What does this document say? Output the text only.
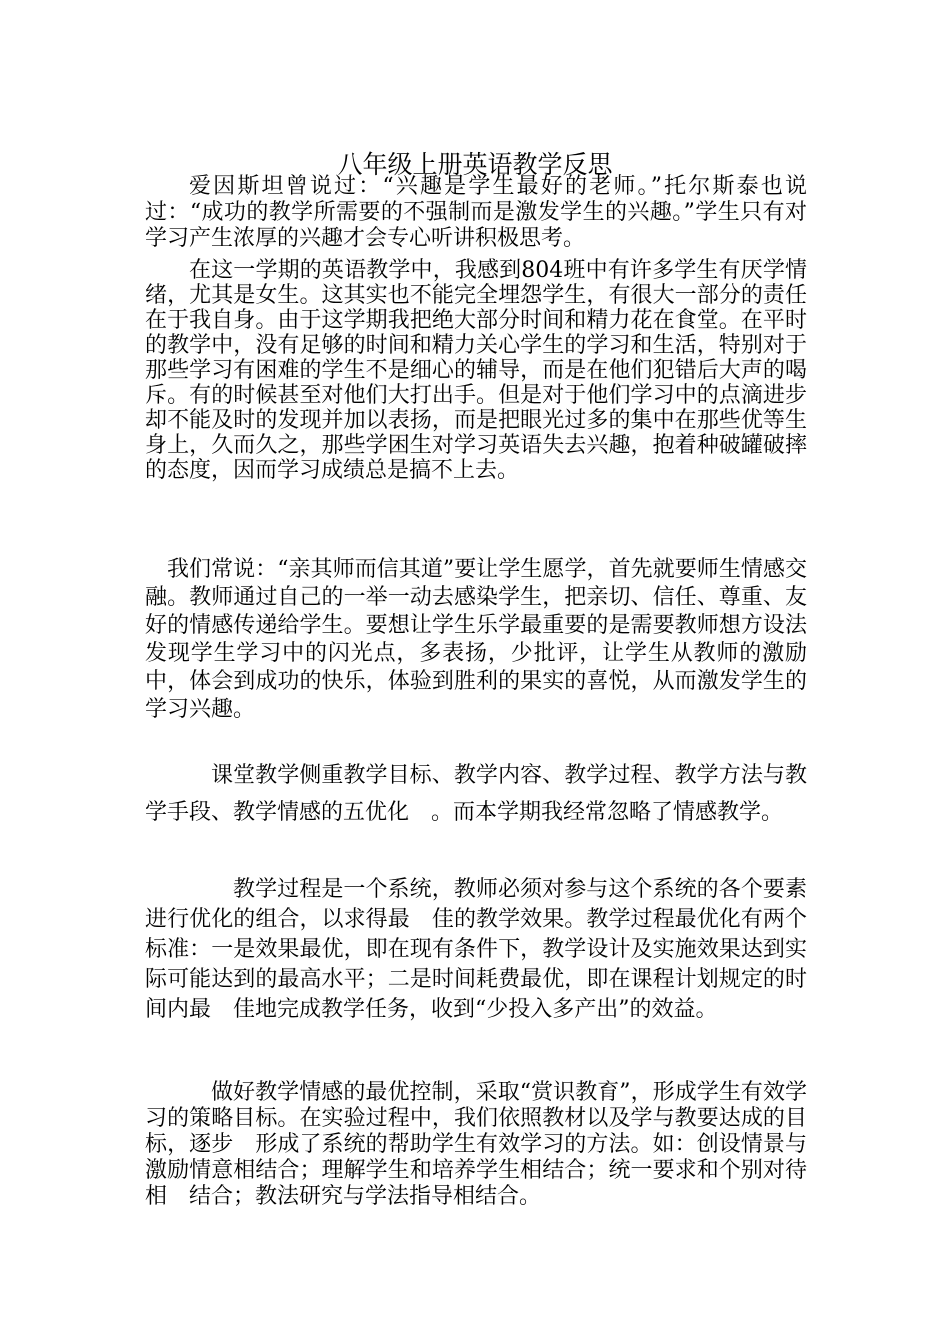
八年级上册英语教学反思

爱因斯坦曾说过：“兴趣是学生最好的老师。”托尔斯泰也说过：“成功的教学所需要的不强制而是激发学生的兴趣。”学生只有对学习产生浓厚的兴趣才会专心听讲积极思考。

在这一学期的英语教学中，我感到804班中有许多学生有厌学情绪，尤其是女生。这其实也不能完全埋怨学生，有很大一部分的责任在于我自身。由于这学期我把绝大部分时间和精力花在食堂。在平时的教学中，没有足够的时间和精力关心学生的学习和生活，特别对于那些学习有困难的学生不是细心的辅导，而是在他们犯错后大声的喝斥。有的时候甚至对他们大打出手。但是对于他们学习中的点滴进步却不能及时的发现并加以表扬，而是把眼光过多的集中在那些优等生身上，久而久之，那些学困生对学习英语失去兴趣，抱着种破罐破摔的态度，因而学习成绩总是搞不上去。

我们常说：“亲其师而信其道”要让学生愿学，首先就要师生情感交融。教师通过自己的一举一动去感染学生，把亲切、信任、尊重、友好的情感传递给学生。要想让学生乐学最重要的是需要教师想方设法发现学生学习中的闪光点，多表扬，少批评，让学生从教师的激励中，体会到成功的快乐，体验到胜利的果实的喜悦，从而激发学生的学习兴趣。

课堂教学侧重教学目标、教学内容、教学过程、教学方法与教学手段、教学情感的五优化　。而本学期我经常忽略了情感教学。

教学过程是一个系统，教师必须对参与这个系统的各个要素进行优化的组合，以求得最　佳的教学效果。教学过程最优化有两个标准：一是效果最优，即在现有条件下，教学设计及实施效果达到实际可能达到的最高水平；二是时间耗费最优，即在课程计划规定的时间内最　佳地完成教学任务，收到“少投入多产出”的效益。

做好教学情感的最优控制，采取“赏识教育”，形成学生有效学习的策略目标。在实验过程中，我们依照教材以及学与教要达成的目标，逐步　形成了系统的帮助学生有效学习的方法。如：创设情景与激励情意相结合；理解学生和培养学生相结合；统一要求和个别对待相　结合；教法研究与学法指导相结合。
